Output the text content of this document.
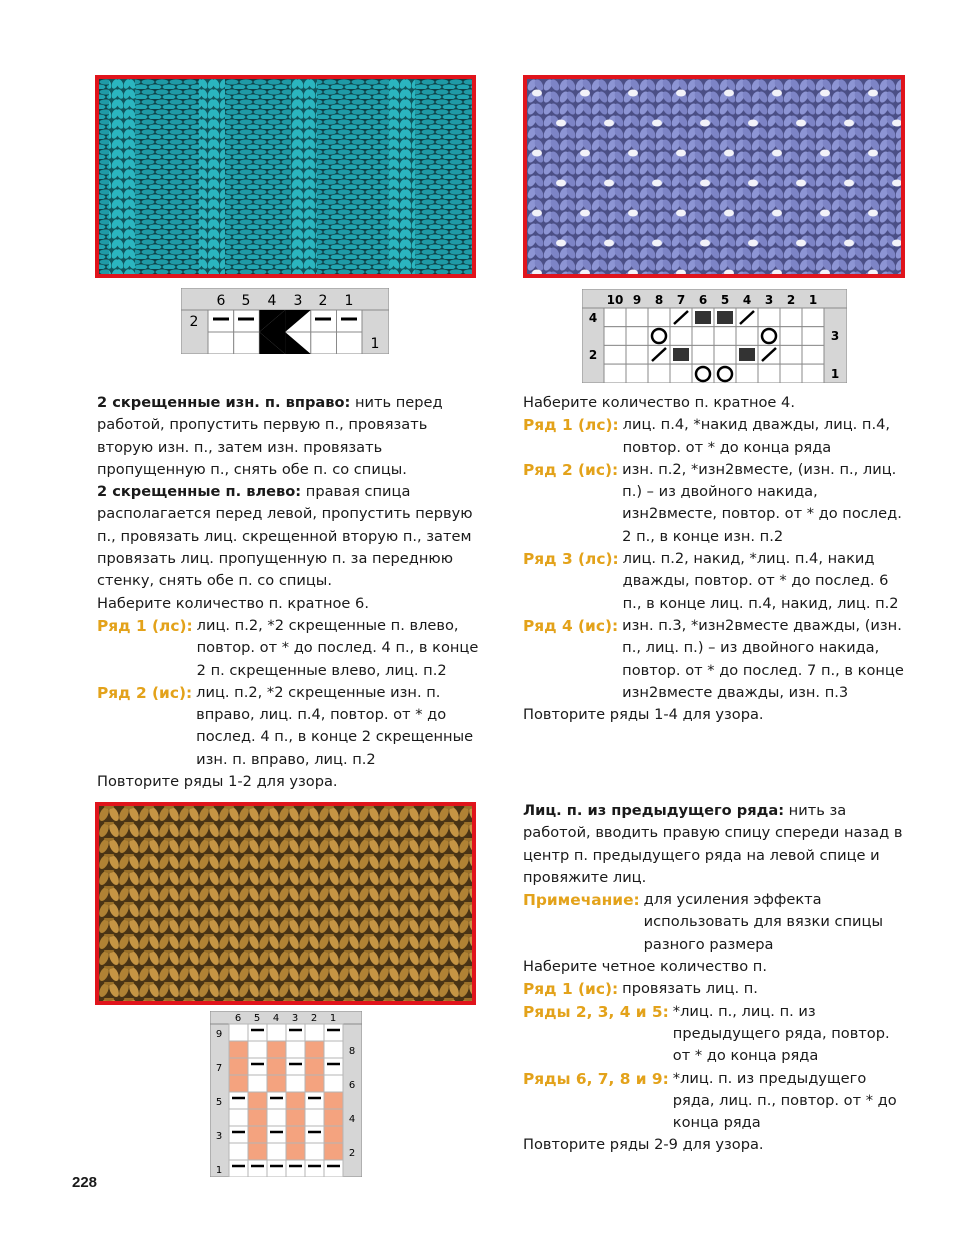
6 5 4 3 2 1
2
1

2 скрещенные изн. п. вправо: нить перед работой, пропустить первую п., провязать вторую изн. п., затем изн. провязать пропущенную п., снять обе п. со спицы.

2 скрещенные п. влево: правая спица располагается перед левой, пропустить первую п., провязать лиц. скрещенной вторую п., затем провязать лиц. пропущенную п. за переднюю стенку, снять обе п. со спицы.

Наберите количество п. кратное 6.

Ряд 1 (лс): лиц. п.2, *2 скрещенные п. влево, повтор. от * до послед. 4 п., в конце 2 п. скрещенные влево, лиц. п.2
Ряд 2 (ис): лиц. п.2, *2 скрещенные изн. п. вправо, лиц. п.4, повтор. от * до послед. 4 п., в конце 2 скрещенные изн. п. вправо, лиц. п.2

Повторите ряды 1-2 для узора.

10 9 8 7 6 5 4 3 2 1
4
2
3
1

Наберите количество п. кратное 4.

Ряд 1 (лс): лиц. п.4, *накид дважды, лиц. п.4, повтор. от * до конца ряда
Ряд 2 (ис): изн. п.2, *изн2вместе, (изн. п., лиц. п.) – из двойного накида, изн2вместе, повтор. от * до послед. 2 п., в конце изн. п.2
Ряд 3 (лс): лиц. п.2, накид, *лиц. п.4, накид дважды, повтор. от * до послед. 6 п., в конце лиц. п.4, накид, лиц. п.2
Ряд 4 (ис): изн. п.3, *изн2вместе дважды, (изн. п., лиц. п.) – из двойного накида, повтор. от * до послед. 7 п., в конце изн2вместе дважды, изн. п.3

Повторите ряды 1-4 для узора.

6 5 4 3 2 1
9
7
5
3
1
8
6
4
2

Лиц. п. из предыдущего ряда: нить за работой, вводить правую спицу спереди назад в центр п. предыдущего ряда на левой спице и провяжите лиц.

Примечание: для усиления эффекта использовать для вязки спицы разного размера

Наберите четное количество п.

Ряд 1 (ис): провязать лиц. п.
Ряды 2, 3, 4 и 5: *лиц. п., лиц. п. из предыдущего ряда, повтор. от * до конца ряда
Ряды 6, 7, 8 и 9: *лиц. п. из предыдущего ряда, лиц. п., повтор. от * до конца ряда

Повторите ряды 2-9 для узора.

228
